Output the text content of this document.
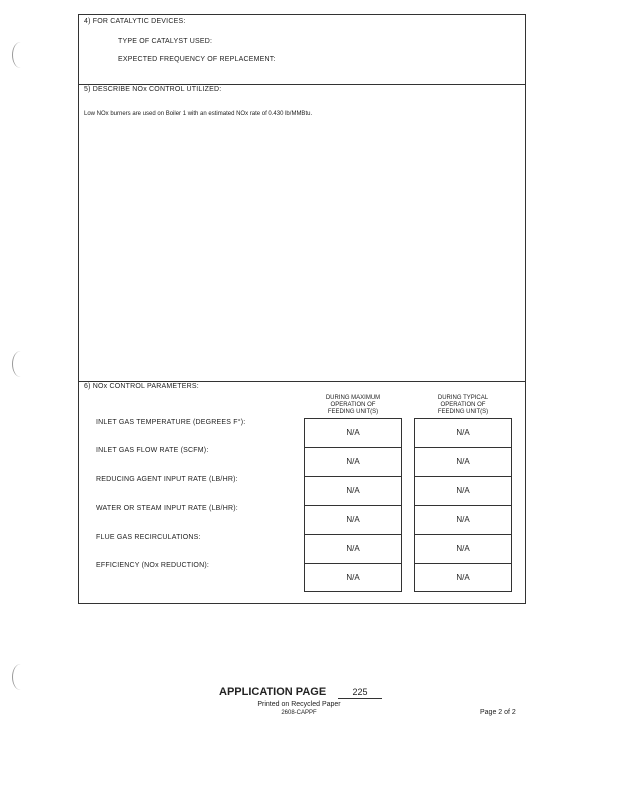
4) FOR CATALYTIC DEVICES:
TYPE OF CATALYST USED:
EXPECTED FREQUENCY OF REPLACEMENT:
5) DESCRIBE NOx CONTROL UTILIZED:
Low NOx burners are used on Boiler 1 with an estimated NOx rate of 0.430 lb/MMBtu.
6) NOx CONTROL PARAMETERS:
DURING MAXIMUM
OPERATION OF
FEEDING UNIT(S)
DURING TYPICAL
OPERATION OF
FEEDING UNIT(S)
INLET GAS TEMPERATURE (DEGREES F°):
N/A	N/A
INLET GAS FLOW RATE (SCFM):
N/A	N/A
REDUCING AGENT INPUT RATE (LB/HR):
N/A	N/A
WATER OR STEAM INPUT RATE (LB/HR):
N/A	N/A
FLUE GAS RECIRCULATIONS:
N/A	N/A
EFFICIENCY (NOx REDUCTION):
N/A	N/A
APPLICATION PAGE	225
Printed on Recycled Paper
2608-CAPPF	Page 2 of 2
